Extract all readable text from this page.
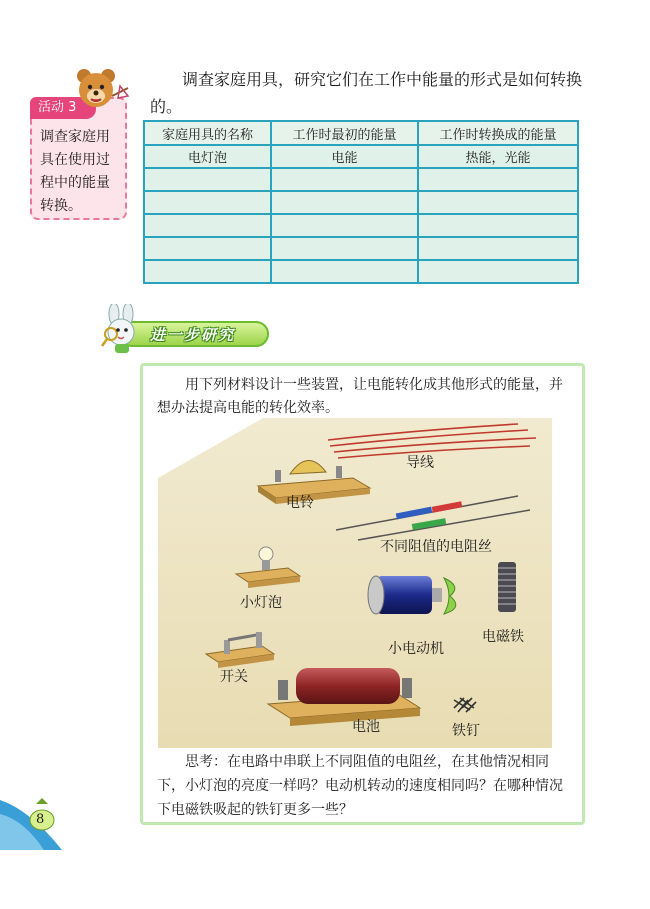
活动 3
调查家庭用具在使用过程中的能量转换。
调查家庭用具，研究它们在工作中能量的形式是如何转换的。
家庭用具的名称	工作时最初的能量	工作时转换成的能量
电灯泡	电能	热能，光能

进一步研究
用下列材料设计一些装置，让电能转化成其他形式的能量，并想办法提高电能的转化效率。
导线
电铃
不同阻值的电阻丝
小灯泡
小电动机
电磁铁
开关
电池	铁钉
思考：在电路中串联上不同阻值的电阻丝，在其他情况相同下，小灯泡的亮度一样吗？电动机转动的速度相同吗？在哪种情况下电磁铁吸起的铁钉更多一些？
8
